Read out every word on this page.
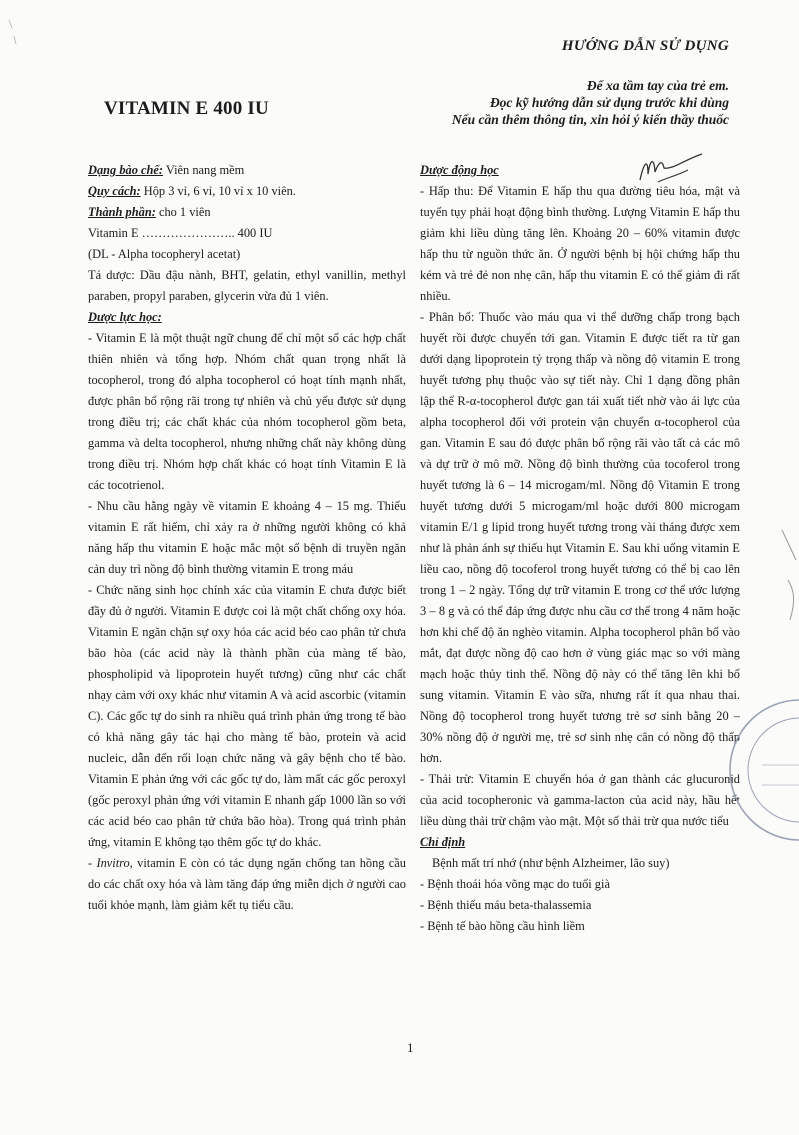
HƯỚNG DẪN SỬ DỤNG
Để xa tầm tay của trẻ em.
Đọc kỹ hướng dẫn sử dụng trước khi dùng
Nếu cần thêm thông tin, xin hỏi ý kiến thầy thuốc
VITAMIN E 400 IU

Dạng bào chế: Viên nang mềm

Quy cách: Hộp 3 vỉ, 6 vỉ, 10 vỉ x 10 viên.

Thành phần: cho 1 viên

Vitamin E ………………….. 400 IU

(DL - Alpha tocopheryl acetat)

Tá dược: Dầu đậu nành, BHT, gelatin, ethyl vanillin, methyl paraben, propyl paraben, glycerin vừa đủ 1 viên.

Dược lực học:

- Vitamin E là một thuật ngữ chung để chỉ một số các hợp chất thiên nhiên và tổng hợp. Nhóm chất quan trọng nhất là tocopherol, trong đó alpha tocopherol có hoạt tính mạnh nhất, được phân bố rộng rãi trong tự nhiên và chủ yếu được sử dụng trong điều trị; các chất khác của nhóm tocopherol gồm beta, gamma và delta tocopherol, nhưng những chất này không dùng trong điều trị. Nhóm hợp chất khác có hoạt tính Vitamin E là các tocotrienol.

- Nhu cầu hằng ngày về vitamin E khoảng 4 – 15 mg. Thiếu vitamin E rất hiếm, chỉ xảy ra ở những người không có khả năng hấp thu vitamin E hoặc mắc một số bệnh di truyền ngăn cản duy trì nồng độ bình thường vitamin E trong máu

- Chức năng sinh học chính xác của vitamin E chưa được biết đầy đủ ở người. Vitamin E được coi là một chất chống oxy hóa. Vitamin E ngăn chặn sự oxy hóa các acid béo cao phân tử chưa bão hòa (các acid này là thành phần của màng tế bào, phospholipid và lipoprotein huyết tương) cũng như các chất nhạy cảm với oxy khác như vitamin A và acid ascorbic (vitamin C). Các gốc tự do sinh ra nhiều quá trình phản ứng trong tế bào có khả năng gây tác hại cho màng tế bào, protein và acid nucleic, dẫn đến rối loạn chức năng và gây bệnh cho tế bào. Vitamin E phản ứng với các gốc tự do, làm mất các gốc peroxyl (gốc peroxyl phản ứng với vitamin E nhanh gấp 1000 lần so với các acid béo cao phân tử chứa bão hòa). Trong quá trình phản ứng, vitamin E không tạo thêm gốc tự do khác.

- Invitro, vitamin E còn có tác dụng ngăn chống tan hồng cầu do các chất oxy hóa và làm tăng đáp ứng miễn dịch ở người cao tuổi khỏe mạnh, làm giảm kết tụ tiểu cầu.

Dược động học

- Hấp thu: Để Vitamin E hấp thu qua đường tiêu hóa, mật và tuyến tụy phải hoạt động bình thường. Lượng Vitamin E hấp thu giảm khi liều dùng tăng lên. Khoảng 20 – 60% vitamin được hấp thu từ nguồn thức ăn. Ở người bệnh bị hội chứng hấp thu kém và trẻ đẻ non nhẹ cân, hấp thu vitamin E có thể giảm đi rất nhiều.

- Phân bố: Thuốc vào máu qua vi thể dưỡng chấp trong bạch huyết rồi được chuyển tới gan. Vitamin E được tiết ra từ gan dưới dạng lipoprotein tỷ trọng thấp và nồng độ vitamin E trong huyết tương phụ thuộc vào sự tiết này. Chỉ 1 dạng đồng phân lập thể R-α-tocopherol được gan tái xuất tiết nhờ vào ái lực của alpha tocopherol đối với protein vận chuyển α-tocopherol của gan. Vitamin E sau đó được phân bố rộng rãi vào tất cả các mô và dự trữ ở mô mỡ. Nồng độ bình thường của tocoferol trong huyết tương là 6 – 14 microgam/ml. Nồng độ Vitamin E trong huyết tương dưới 5 microgam/ml hoặc dưới 800 microgam vitamin E/1 g lipid trong huyết tương trong vài tháng được xem như là phản ánh sự thiếu hụt Vitamin E. Sau khi uống vitamin E liều cao, nồng độ tocoferol trong huyết tương có thể bị cao lên trong 1 – 2 ngày. Tổng dự trữ vitamin E trong cơ thể ước lượng 3 – 8 g và có thể đáp ứng được nhu cầu cơ thể trong 4 năm hoặc hơn khi chế độ ăn nghèo vitamin. Alpha tocopherol phân bố vào mắt, đạt được nồng độ cao hơn ở vùng giác mạc so với màng mạch hoặc thủy tinh thể. Nồng độ này có thể tăng lên khi bổ sung vitamin. Vitamin E vào sữa, nhưng rất ít qua nhau thai. Nồng độ tocopherol trong huyết tương trẻ sơ sinh bằng 20 – 30% nồng độ ở người mẹ, trẻ sơ sinh nhẹ cân có nồng độ thấp hơn.

- Thải trừ: Vitamin E chuyển hóa ở gan thành các glucuronid của acid tocopheronic và gamma-lacton của acid này, hầu hết liều dùng thải trừ chậm vào mật. Một số thải trừ qua nước tiểu

Chỉ định

Bệnh mất trí nhớ (như bệnh Alzheimer, lão suy)

- Bệnh thoái hóa võng mạc do tuổi già

- Bệnh thiếu máu beta-thalassemia

- Bệnh tế bào hồng cầu hình liềm

1
